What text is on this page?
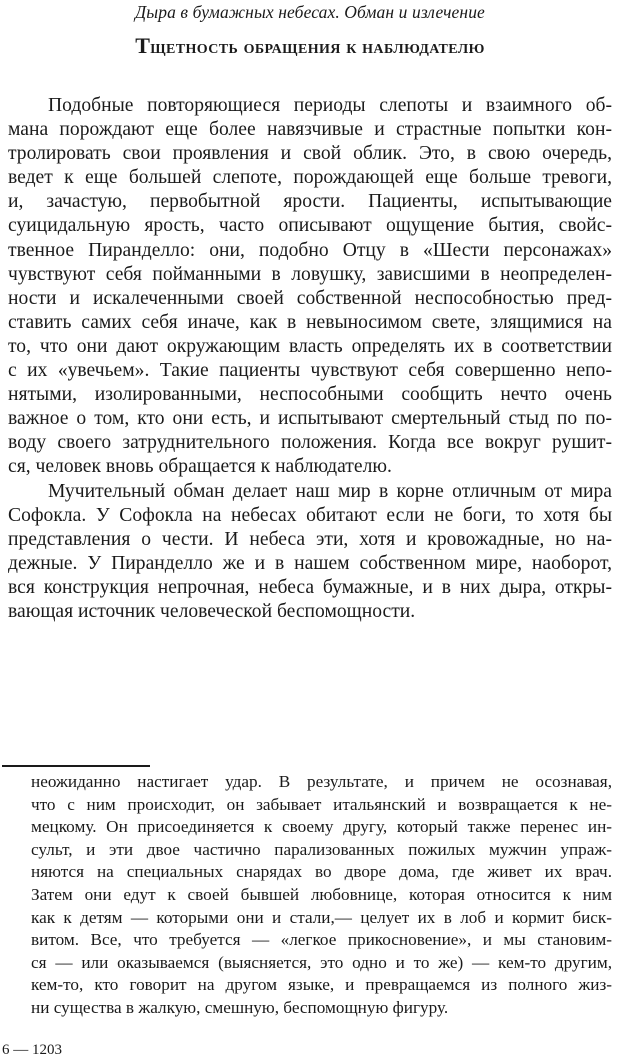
Дыра в бумажных небесах. Обман и излечение
Тщетность обращения к наблюдателю
Подобные повторяющиеся периоды слепоты и взаимного об-
мана порождают еще более навязчивые и страстные попытки кон-
тролировать свои проявления и свой облик. Это, в свою очередь,
ведет к еще большей слепоте, порождающей еще больше тревоги,
и, зачастую, первобытной ярости. Пациенты, испытывающие
суицидальную ярость, часто описывают ощущение бытия, свойс-
твенное Пиранделло: они, подобно Отцу в «Шести персонажах»
чувствуют себя пойманными в ловушку, зависшими в неопределен-
ности и искалеченными своей собственной неспособностью пред-
ставить самих себя иначе, как в невыносимом свете, злящимися на
то, что они дают окружающим власть определять их в соответствии
с их «увечьем». Такие пациенты чувствуют себя совершенно непо-
нятыми, изолированными, неспособными сообщить нечто очень
важное о том, кто они есть, и испытывают смертельный стыд по по-
воду своего затруднительного положения. Когда все вокруг рушит-
ся, человек вновь обращается к наблюдателю.
Мучительный обман делает наш мир в корне отличным от мира
Софокла. У Софокла на небесах обитают если не боги, то хотя бы
представления о чести. И небеса эти, хотя и кровожадные, но на-
дежные. У Пиранделло же и в нашем собственном мире, наоборот,
вся конструкция непрочная, небеса бумажные, и в них дыра, откры-
вающая источник человеческой беспомощности.
неожиданно настигает удар. В результате, и причем не осознавая,
что с ним происходит, он забывает итальянский и возвращается к не-
мецкому. Он присоединяется к своему другу, который также перенес ин-
сульт, и эти двое частично парализованных пожилых мужчин упраж-
няются на специальных снарядах во дворе дома, где живет их врач.
Затем они едут к своей бывшей любовнице, которая относится к ним
как к детям — которыми они и стали,— целует их в лоб и кормит биск-
витом. Все, что требуется — «легкое прикосновение», и мы становим-
ся — или оказываемся (выясняется, это одно и то же) — кем-то другим,
кем-то, кто говорит на другом языке, и превращаемся из полного жиз-
ни существа в жалкую, смешную, беспомощную фигуру.
6 — 1203
